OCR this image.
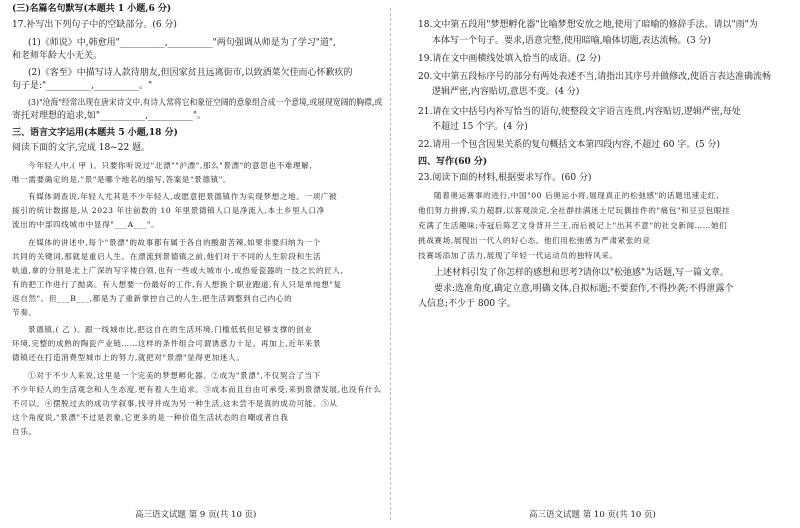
(三)名篇名句默写(本题共 1 小题,6 分)
17.补写出下列句子中的空缺部分。(6 分)
(1)《师说》中,韩愈用"__________,__________"两句强调从师是为了学习"道",
和老师年龄大小无关。
(2)《客至》中描写诗人款待朋友,但因家贫且远离街市,以致酒菜欠佳而心怀歉疚的
句子是:"__________,__________。"
(3)"沧海"经常出现在唐宋诗文中,有诗人常将它和象征空阔的意象组合成一个意境,或展现宽阔的胸襟,或
寄托对理想的追求,如"__________,__________"。
三、语言文字运用(本题共 5 小题,18 分)
阅读下面的文字,完成 18~22 题。
今年轻人中,( 甲 )。只要你听说过"北漂""沪漂",那么"景漂"的意思也不难理解,
唯一需要确定的是,"景"是哪个地名的缩写,答案是"景德镇"。
有媒体调查说,年轻人尤其是不少年轻人,或愿意把景德镇作为实现梦想之地。一项广被
援引的统计数据是,从 2023 年往前数的 10 年里景德镇人口是净流入,本土乡里人口净
流出的中部四线城市中显得"___A___"。
在媒体的讲述中,每个"景漂"的故事都有属于各自的酸甜苦辣,如果非要归纳为一个
共同的关键词,那就是重启人生。在漂流到景德镇之前,他们对于不同的人生阶段和生活
轨道,拿的分别是北上广深的写字楼白领,也有一些或大城市小,或热爱瓷器的一技之长的匠人,
有的把工作进行了抛离。有人想要一份最好的工作,有人想换个职业跑道,有人只是单纯想"复
返自然"。但___B___,都是为了重新掌控自己的人生,把生活调整到自己内心的
节奏。
景德镇,( 乙 )。跟一线城市比,把这自在的生活环境,门槛低低但足够支撑的创业
环境,完整的成熟的陶瓷产业链……这样的条件组合可谓诱惑力十足。再加上,近年来景
德镇还在打造消费型城市上的努力,就把对"景漂"显得更加迷人。
①对于不少人来说,这里是一个完美的梦想孵化器。②成为"景漂",不仅契合了当下
不少年轻人的生活观念和人生态度,更有着人生追求。③成本而且自由可承受,来到景漂发展,也没有什么
不可以。④摆脱过去的成功学叙事,找寻并成为另一种生活,这未尝不是真的成功可能。⑤从
这个角度说,"景漂"不过是表象,它更多的是一种价值生活状态的自嘲或者自我
自乐。
高三语文试题 第 9 页(共 10 页)
18.文中第五段用"梦想孵化器"比喻梦想安放之地,使用了暗喻的修辞手法。请以"雨"为
本体写一个句子。要求,语意完整,使用暗喻,喻体切题,表达流畅。(3 分)
19.请在文中画横线处填入恰当的成语。(2 分)
20.文中第五段标序号的部分有两处表述不当,请指出其序号并做修改,使语言表达准确流畅
逻辑严密,内容贴切,意思不变。(4 分)
21.请在文中括号内补写恰当的语句,使整段文字语言连贯,内容贴切,逻辑严密,每处
不超过 15 个字。(4 分)
22.请用一个包含因果关系的复句概括文本第四段内容,不超过 60 字。(5 分)
四、写作(60 分)
23.阅读下面的材料,根据要求写作。(60 分)
随着奥运赛事的进行,中国"00 后奥运小将,展现真正的松弛感"的话题迅速走红,
他们努力拼搏,实力超群,以客观淡定,全社群挂满迷士尼玩偶挂件的"痛包"和豆豆包眼挂
充满了生活趣味;寺冠后陈艺文身背开兰王,而后被记上"出其不意"的社交新闻……她们
挑战赛场,展现出一代人的好心态。他们用松弛感为严肃紧张的竞
技赛场添加了活力,展现了年轻一代运动员的独特风采。
上述材料引发了你怎样的感想和思考?请你以"松弛感"为话题,写一篇文章。
要求:选准角度,确定立意,明确文体,自拟标题;不要套作,不得抄袭;不得泄露个
人信息;不少于 800 字。
高三语文试题 第 10 页(共 10 页)
